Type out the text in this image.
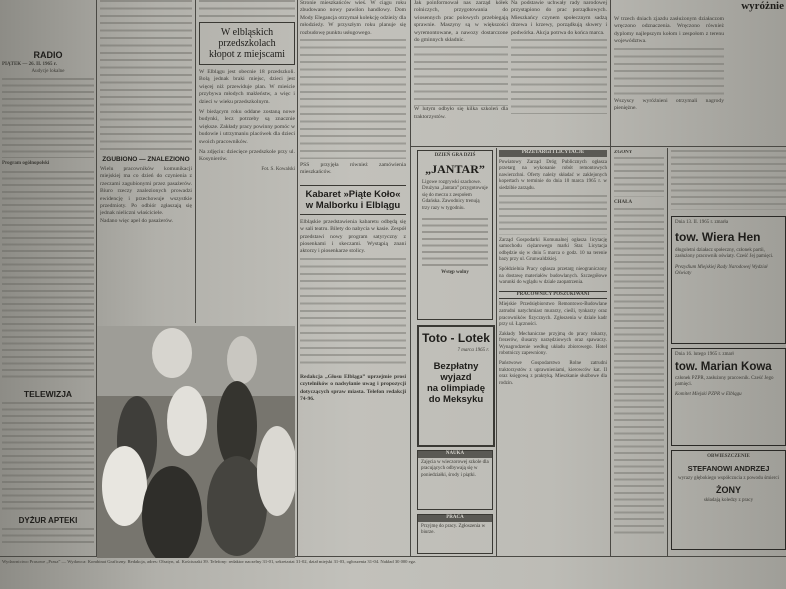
RADIO

PIĄTEK — 26. II. 1965 r.

Audycje lokalne

Program ogólnopolski

TELEWIZJA

DYŻUR APTEKI

ZGUBIONO — ZNALEZIONO

Wielu pracowników komunikacji miejskiej ma co dzień do czynienia z rzeczami zagubionymi przez pasażerów. Biuro rzeczy znalezionych prowadzi ewidencję i przechowuje wszystkie przedmioty. Po odbiór zgłaszają się jednak nieliczni właściciele.

Nadano więc apel do pasażerów.

W elbląskich

przedszkolach

kłopot z miejscami

W Elblągu jest obecnie 18 przedszkoli. Bolą jednak braki miejsc, dzieci jest więcej niż przewiduje plan. W mieście przybywa młodych małżeństw, a więc i dzieci w wieku przedszkolnym.

W bieżącym roku oddane zostaną nowe budynki, lecz potrzeby są znacznie większe. Zakłady pracy powinny pomóc w budowie i utrzymaniu placówek dla dzieci swoich pracowników.

Na zdjęciu: dziecięce przedszkole przy ul. Kosynierów.

Fot. S. Kowalski

Stronie mieszkańców wieś. W ciągu roku zbudowano nowy pawilon handlowy. Dom Mody Elegancja otrzymał kolekcję odzieży dla młodzieży. W przyszłym roku planuje się rozbudowę punktu usługowego.

PSS przyjęła również zamówienia mieszkańców.

Kabaret »Piąte Koło«

w Malborku i Elblągu

Elbląskie przedstawienia kabaretu odbędą się w sali teatru. Bilety do nabycia w kasie. Zespół przedstawi nowy program satyryczny z piosenkami i skeczami. Wystąpią znani aktorzy i piosenkarze stolicy.

Redakcja „Głosu Elbląga” uprzejmie prosi czytelników o nadsyłanie uwag i propozycji dotyczących spraw miasta. Telefon redakcji 74-96.

Jak poinformował nas zarząd kółek rolniczych, przygotowania do wiosennych prac polowych przebiegają sprawnie. Maszyny są w większości wyremontowane, a nawozy dostarczone do gminnych składnic.

W lutym odbyło się kilka szkoleń dla traktorzystów.

Na podstawie uchwały rady narodowej przystąpiono do prac porządkowych. Mieszkańcy czynem społecznym sadzą drzewa i krzewy, porządkują skwery i podwórka. Akcja potrwa do końca marca.

wyróżnie

W trzech dniach zjazdu zasłużonym działaczom wręczono odznaczenia. Wręczono również dyplomy najlepszym kołom i zespołom z terenu województwa.

Wszyscy wyróżnieni otrzymali nagrody pieniężne.

DZIEŃ GRA DZIŚ

„JANTAR”

Ligowe rozgrywki szachowe. Drużyna „Jantara” przygotowuje się do meczu z zespołem Gdańska. Zawodnicy trenują trzy razy w tygodniu.

Wstęp wolny

Toto - Lotek

7 marca 1965 r.

Bezpłatny

wyjazd

na olimpiadę

do Meksyku

NAUKA

Zajęcia w wieczorowej szkole dla pracujących odbywają się w poniedziałki, środy i piątki.

PRACA

Przyjmę do pracy. Zgłoszenia w biurze.

PRZETARGI I LICYTACJE

Powiatowy Zarząd Dróg Publicznych ogłasza przetarg na wykonanie robót remontowych nawierzchni. Oferty należy składać w zaklejonych kopertach w terminie do dnia 10 marca 1965 r. w siedzibie zarządu.

Zarząd Gospodarki Komunalnej ogłasza licytację samochodu ciężarowego marki Star. Licytacja odbędzie się w dniu 5 marca o godz. 10 na terenie bazy przy ul. Grunwaldzkiej.

Spółdzielnia Pracy ogłasza przetarg nieograniczony na dostawę materiałów budowlanych. Szczegółowe warunki do wglądu w dziale zaopatrzenia.

PRACOWNICY POSZUKIWANI

Miejskie Przedsiębiorstwo Remontowo-Budowlane zatrudni natychmiast murarzy, cieśli, tynkarzy oraz pracowników fizycznych. Zgłoszenia w dziale kadr przy ul. Łączności.

Zakłady Mechaniczne przyjmą do pracy tokarzy, frezerów, ślusarzy narzędziowych oraz spawaczy. Wynagrodzenie według układu zbiorowego. Hotel robotniczy zapewniony.

Państwowe Gospodarstwo Rolne zatrudni traktorzystów z uprawnieniami, kierowców kat. II oraz księgową z praktyką. Mieszkanie służbowe dla rodzin.

ZGONY

CHAŁA

Dnia 13. II. 1965 r. zmarła

tow. Wiera Hen

długoletni działacz społeczny, członek partii, zasłużony pracownik oświaty. Cześć Jej pamięci.

Prezydium Miejskiej Rady Narodowej Wydział Oświaty

Dnia 16. lutego 1965 r. zmarł

tow. Marian Kowa

członek PZPR, zasłużony pracownik. Cześć Jego pamięci.

Komitet Miejski PZPR w Elblągu

OBWIESZCZENIE

STEFANOWI ANDRZEJ

wyrazy głębokiego współczucia z powodu śmierci

ŻONY

składają koledzy z pracy

Wydawnictwo Prasowe „Prasa” — Wydawca: Kombinat Graficzny. Redakcja, adres: Olsztyn, ul. Kościuszki 39. Telefony: redaktor naczelny 31-01, sekretariat 31-02, dział miejski 31-03, ogłoszenia 31-04. Nakład 30 000 egz.
